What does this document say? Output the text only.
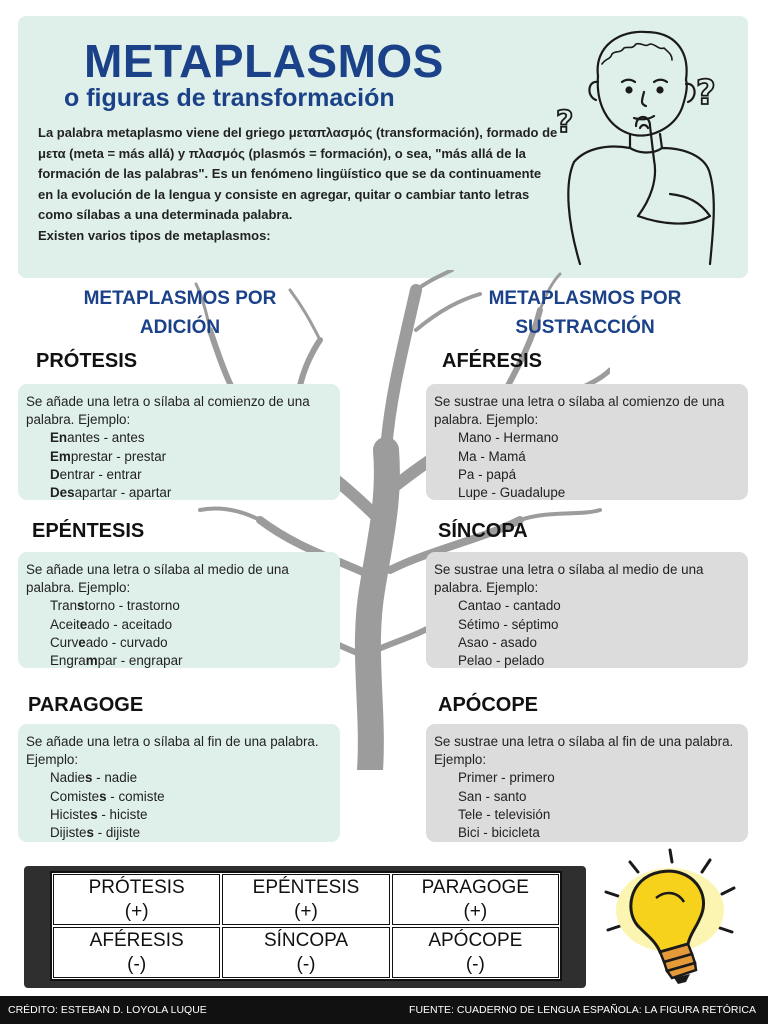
METAPLASMOS
o figuras de transformación

La palabra metaplasmo viene del griego μεταπλασμός (transformación), formado de μετα (meta = más allá) y πλασμός (plasmós = formación), o sea, "más allá de la formación de las palabras". Es un fenómeno lingüístico que se da continuamente en la evolución de la lengua y consiste en agregar, quitar o cambiar tanto letras como sílabas a una determinada palabra.

Existen varios tipos de metaplasmos:

?
?
METAPLASMOS POR
ADICIÓN
METAPLASMOS POR
SUSTRACCIÓN
PRÓTESIS
Se añade una letra o sílaba al comienzo de una palabra. Ejemplo:
Enantes - antes
Emprestar - prestar
Dentrar - entrar
Desapartar - apartar
EPÉNTESIS
Se añade una letra o sílaba al medio de una palabra. Ejemplo:
Transtorno - trastorno
Aceiteado - aceitado
Curveado - curvado
Engrampar - engrapar
PARAGOGE
Se añade una letra o sílaba al fin de una palabra. Ejemplo:
Nadies - nadie
Comistes - comiste
Hicistes - hiciste
Dijistes - dijiste
AFÉRESIS
Se sustrae una letra o sílaba al comienzo de una palabra. Ejemplo:
Mano - Hermano
Ma - Mamá
Pa - papá
Lupe - Guadalupe
SÍNCOPA
Se sustrae una letra o sílaba al medio de una palabra. Ejemplo:
Cantao - cantado
Sétimo - séptimo
Asao - asado
Pelao - pelado
APÓCOPE
Se sustrae una letra o sílaba al fin de una palabra. Ejemplo:
Primer - primero
San - santo
Tele - televisión
Bici - bicicleta
PRÓTESIS
(+)
EPÉNTESIS
(+)
PARAGOGE
(+)
AFÉRESIS
(-)
SÍNCOPA
(-)
APÓCOPE
(-)
CRÉDITO: ESTEBAN D. LOYOLA LUQUE	FUENTE: CUADERNO DE LENGUA ESPAÑOLA: LA FIGURA RETÓRICA
